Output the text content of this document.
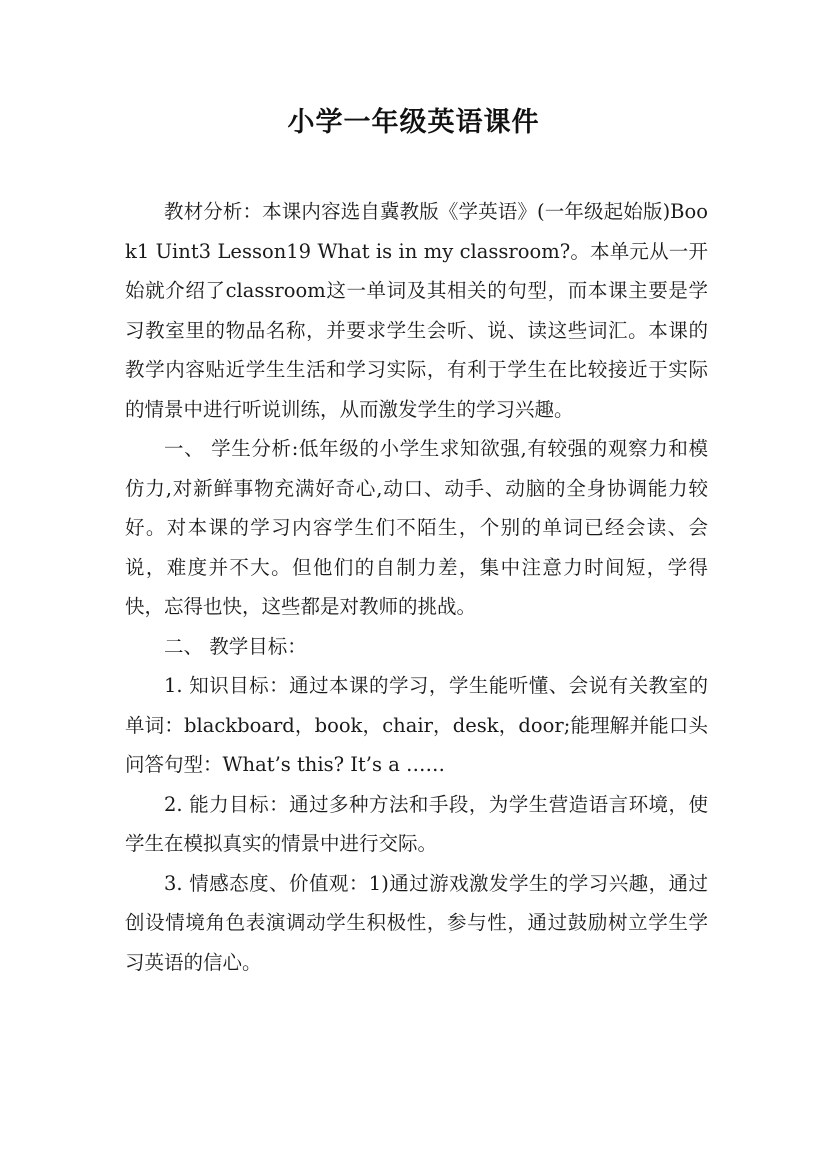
小学一年级英语课件

教材分析：本课内容选自冀教版《学英语》(一年级起始版)Book1 Uint3 Lesson19 What is in my classroom?。本单元从一开始就介绍了classroom这一单词及其相关的句型，而本课主要是学习教室里的物品名称，并要求学生会听、说、读这些词汇。本课的教学内容贴近学生生活和学习实际，有利于学生在比较接近于实际的情景中进行听说训练，从而激发学生的学习兴趣。

一、 学生分析:低年级的小学生求知欲强,有较强的观察力和模仿力,对新鲜事物充满好奇心,动口、动手、动脑的全身协调能力较好。对本课的学习内容学生们不陌生，个别的单词已经会读、会说，难度并不大。但他们的自制力差，集中注意力时间短，学得快，忘得也快，这些都是对教师的挑战。

二、 教学目标：

1. 知识目标：通过本课的学习，学生能听懂、会说有关教室的单词：blackboard，book，chair，desk，door;能理解并能口头问答句型：What’s this? It’s a ……

2. 能力目标：通过多种方法和手段，为学生营造语言环境，使学生在模拟真实的情景中进行交际。

3. 情感态度、价值观：1)通过游戏激发学生的学习兴趣，通过创设情境角色表演调动学生积极性，参与性，通过鼓励树立学生学习英语的信心。
